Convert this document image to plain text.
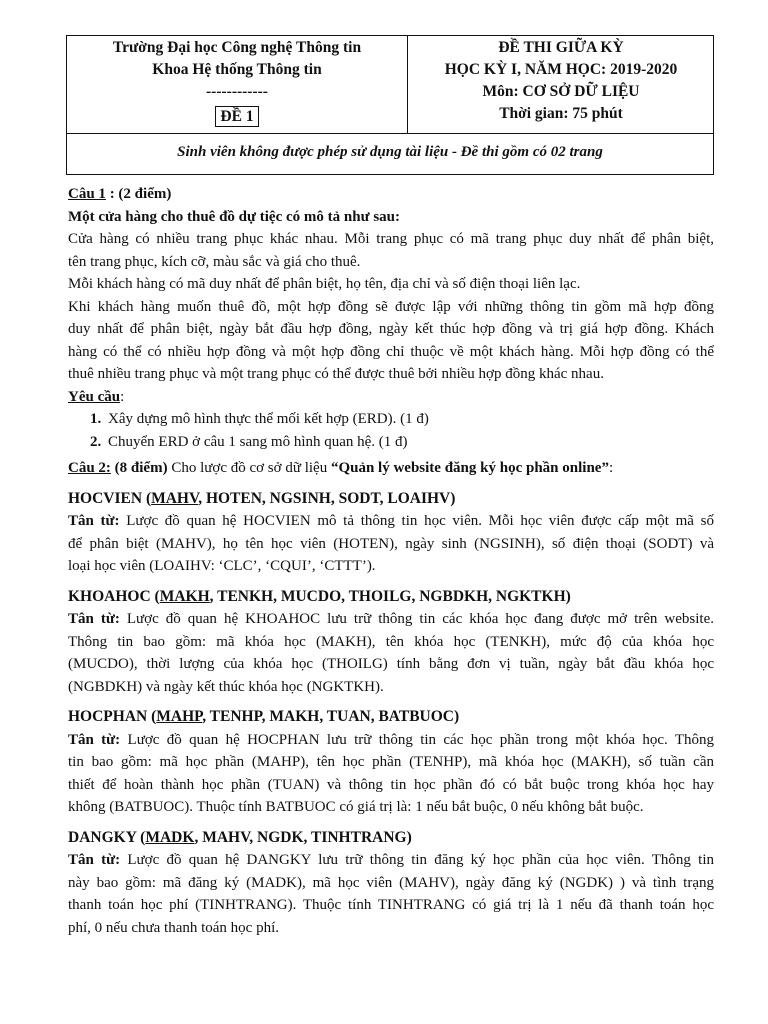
Trường Đại học Công nghệ Thông tin
Khoa Hệ thống Thông tin
------------
ĐỀ 1
ĐỀ THI GIỮA KỲ
HỌC KỲ I, NĂM HỌC: 2019-2020
Môn: CƠ SỞ DỮ LIỆU
Thời gian: 75 phút
Sinh viên không được phép sử dụng tài liệu - Đề thi gồm có 02 trang

Câu 1 : (2 điểm)

Một cửa hàng cho thuê đồ dự tiệc có mô tả như sau:

Cửa hàng có nhiều trang phục khác nhau. Mỗi trang phục có mã trang phục duy nhất để phân biệt,

tên trang phục, kích cỡ, màu sắc và giá cho thuê.

Mỗi khách hàng có mã duy nhất để phân biệt, họ tên, địa chỉ và số điện thoại liên lạc.

Khi khách hàng muốn thuê đồ, một hợp đồng sẽ được lập với những thông tin gồm mã hợp đồng

duy nhất để phân biệt, ngày bắt đầu hợp đồng, ngày kết thúc hợp đồng và trị giá hợp đồng. Khách

hàng có thể có nhiều hợp đồng và một hợp đồng chỉ thuộc về một khách hàng. Mỗi hợp đồng có thể

thuê nhiều trang phục và một trang phục có thể được thuê bởi nhiều hợp đồng khác nhau.

Yêu cầu:

1. Xây dựng mô hình thực thể mối kết hợp (ERD). (1 đ)
2. Chuyển ERD ở câu 1 sang mô hình quan hệ. (1 đ)

Câu 2: (8 điểm) Cho lược đồ cơ sở dữ liệu “Quản lý website đăng ký học phần online”:

HOCVIEN (MAHV, HOTEN, NGSINH, SODT, LOAIHV)

Tân từ: Lược đồ quan hệ HOCVIEN mô tả thông tin học viên. Mỗi học viên được cấp một mã số

để phân biệt (MAHV), họ tên học viên (HOTEN), ngày sinh (NGSINH), số điện thoại (SODT) và

loại học viên (LOAIHV: ‘CLC’, ‘CQUI’, ‘CTTT’).

KHOAHOC (MAKH, TENKH, MUCDO, THOILG, NGBDKH, NGKTKH)

Tân từ: Lược đồ quan hệ KHOAHOC lưu trữ thông tin các khóa học đang được mở trên website.

Thông tin bao gồm: mã khóa học (MAKH), tên khóa học (TENKH), mức độ của khóa học

(MUCDO), thời lượng của khóa học (THOILG) tính bằng đơn vị tuần, ngày bắt đầu khóa học

(NGBDKH) và ngày kết thúc khóa học (NGKTKH).

HOCPHAN (MAHP, TENHP, MAKH, TUAN, BATBUOC)

Tân từ: Lược đồ quan hệ HOCPHAN lưu trữ thông tin các học phần trong một khóa học. Thông

tin bao gồm: mã học phần (MAHP), tên học phần (TENHP), mã khóa học (MAKH), số tuần cần

thiết để hoàn thành học phần (TUAN) và thông tin học phần đó có bắt buộc trong khóa học hay

không (BATBUOC). Thuộc tính BATBUOC có giá trị là: 1 nếu bắt buộc, 0 nếu không bắt buộc.

DANGKY (MADK, MAHV, NGDK, TINHTRANG)

Tân từ: Lược đồ quan hệ DANGKY lưu trữ thông tin đăng ký học phần của học viên. Thông tin

này bao gồm: mã đăng ký (MADK), mã học viên (MAHV), ngày đăng ký (NGDK) ) và tình trạng

thanh toán học phí (TINHTRANG). Thuộc tính TINHTRANG có giá trị là 1 nếu đã thanh toán học

phí, 0 nếu chưa thanh toán học phí.
